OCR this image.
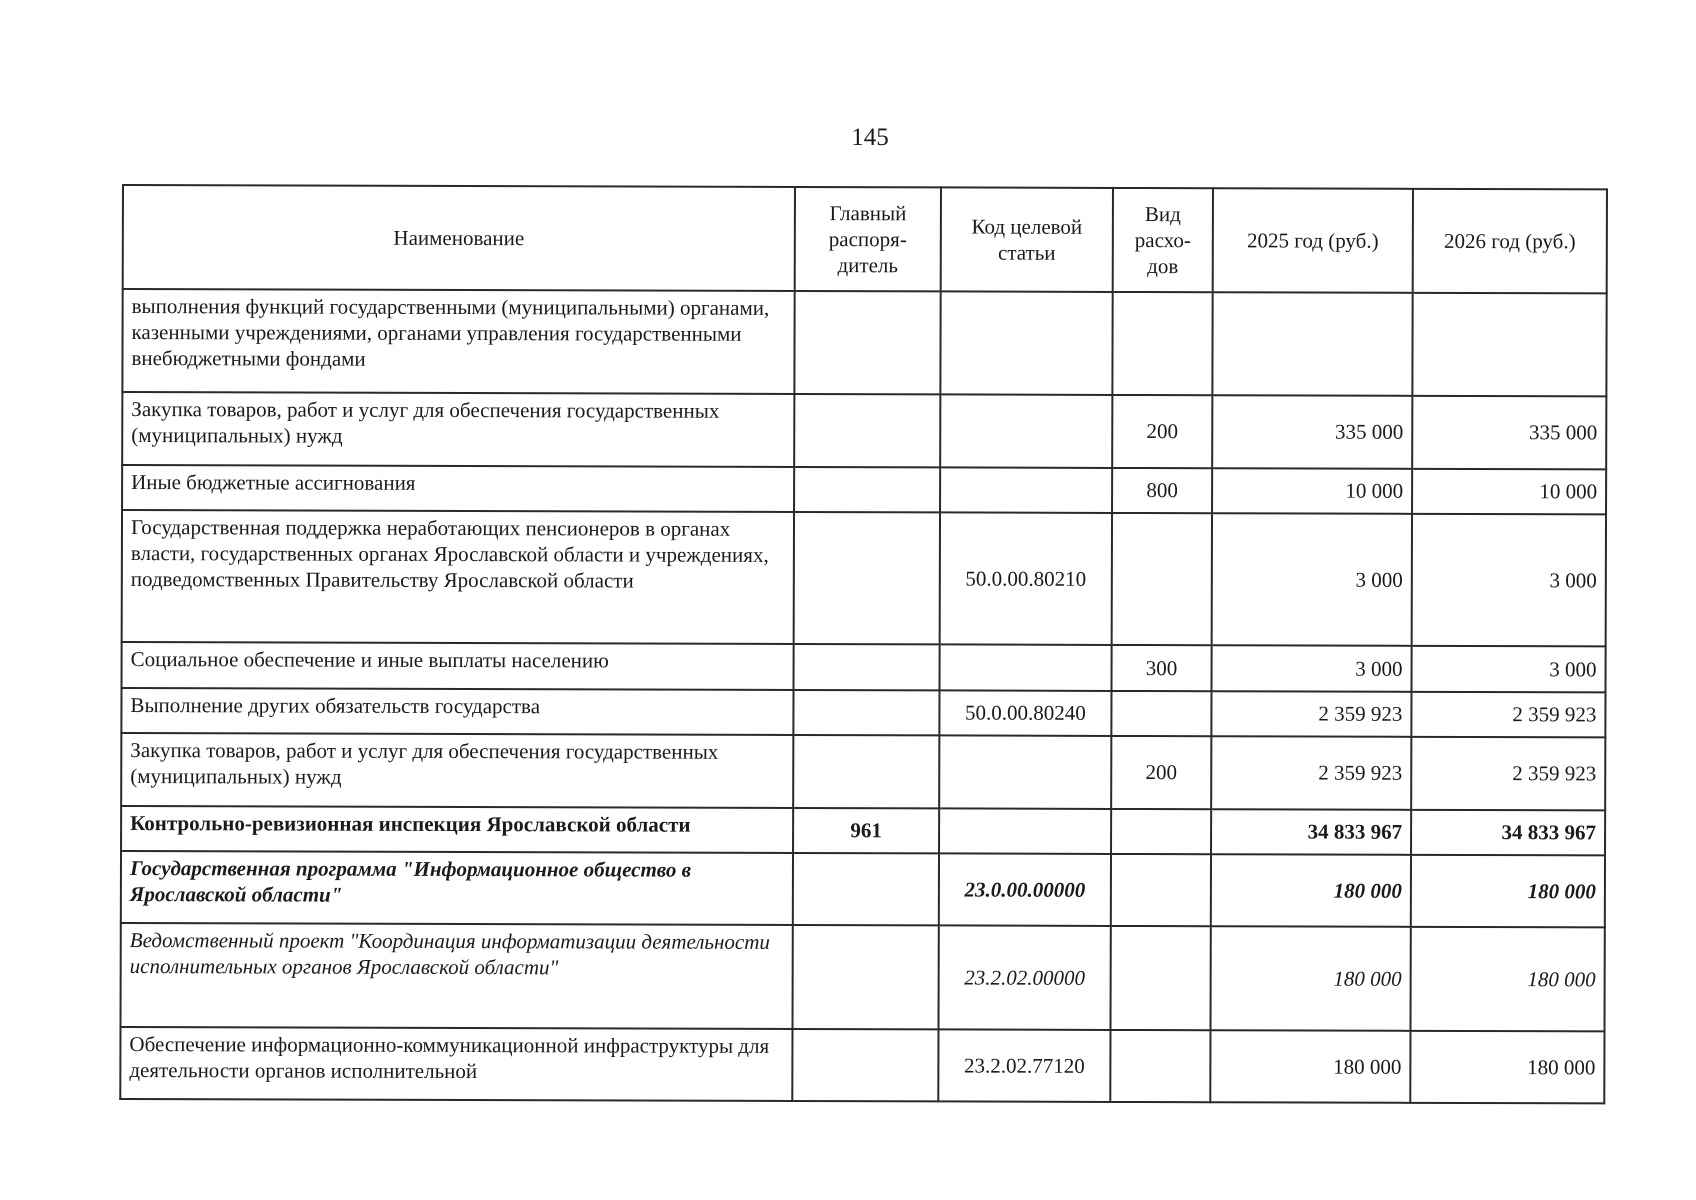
145
Наименование	Главный распоря-дитель	Код целевой статьи	Вид расхо-дов	2025 год (руб.)	2026 год (руб.)
выполнения функций государственными (муниципальными) органами, казенными учреждениями, органами управления государственными внебюджетными фондами					
Закупка товаров, работ и услуг для обеспечения государственных (муниципальных) нужд			200	335 000	335 000
Иные бюджетные ассигнования			800	10 000	10 000
Государственная поддержка неработающих пенсионеров в органах власти, государственных органах Ярославской области и учреждениях, подведомственных Правительству Ярославской области		50.0.00.80210		3 000	3 000
Социальное обеспечение и иные выплаты населению			300	3 000	3 000
Выполнение других обязательств государства		50.0.00.80240		2 359 923	2 359 923
Закупка товаров, работ и услуг для обеспечения государственных (муниципальных) нужд			200	2 359 923	2 359 923
Контрольно-ревизионная инспекция Ярославской области	961			34 833 967	34 833 967
Государственная программа "Информационное общество в Ярославской области"		23.0.00.00000		180 000	180 000
Ведомственный проект "Координация информатизации деятельности исполнительных органов Ярославской области"		23.2.02.00000		180 000	180 000
Обеспечение информационно-коммуникационной инфраструктуры для деятельности органов исполнительной		23.2.02.77120		180 000	180 000
